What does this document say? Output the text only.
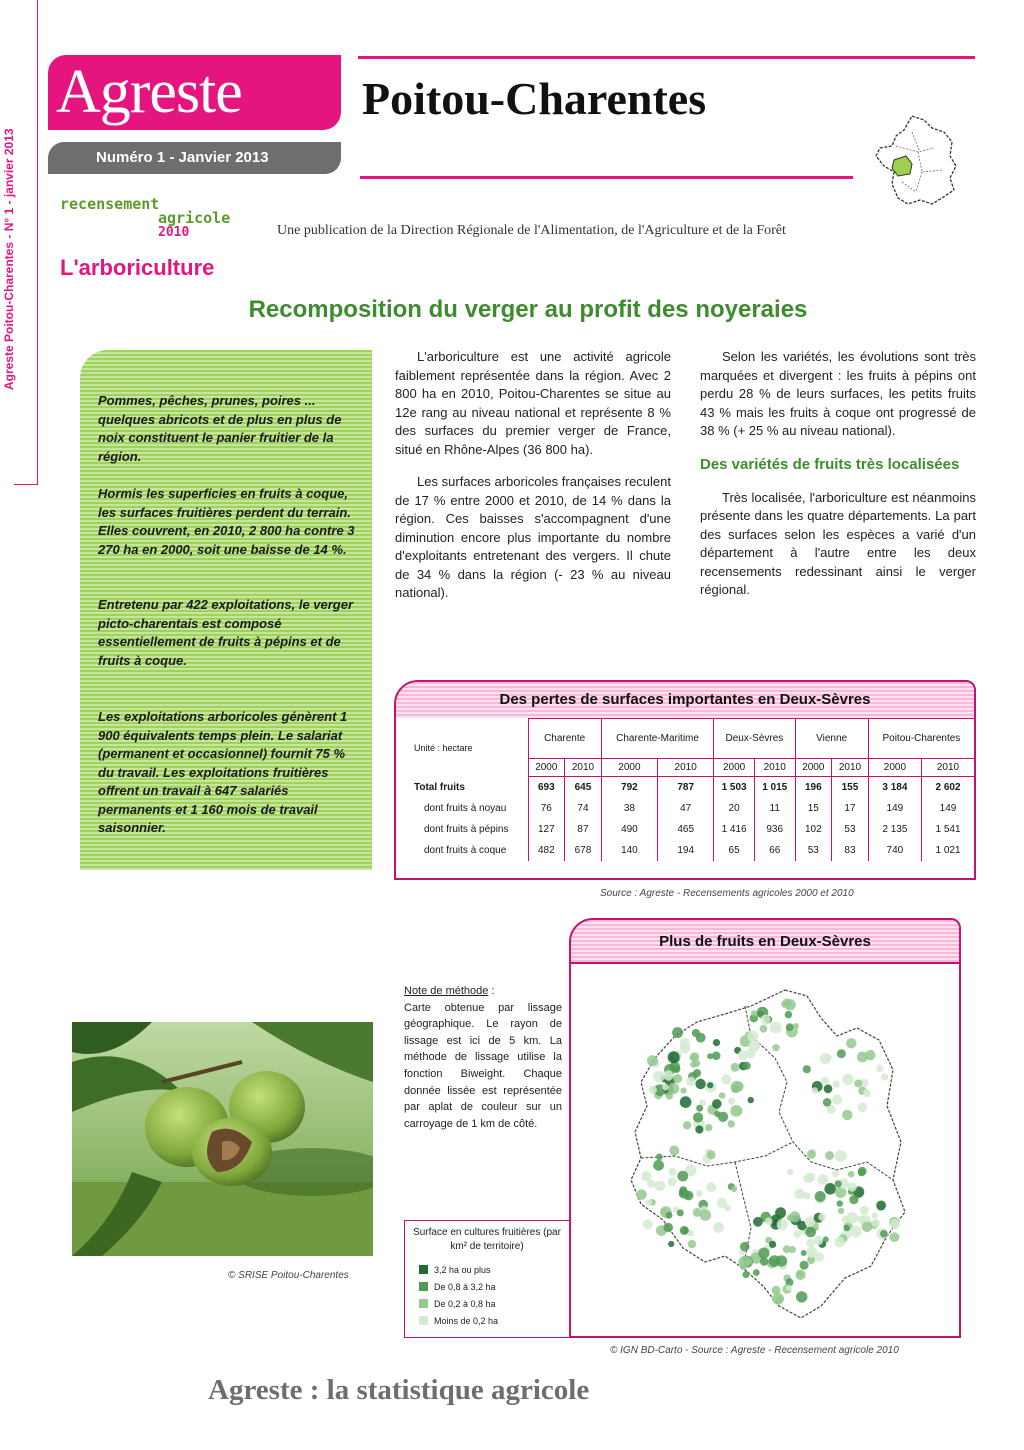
Agreste Poitou-Charentes - N° 1 - janvier 2013
Agreste
Numéro 1 - Janvier 2013
Poitou-Charentes
recensement
agricole
2010	Une publication de la Direction Régionale de l'Alimentation, de l'Agriculture et de la Forêt
L'arboriculture
Recomposition du verger au profit des noyeraies

Pommes, pêches, prunes, poires ... quelques abricots et de plus en plus de noix constituent le panier fruitier de la région.

Hormis les superficies en fruits à coque, les surfaces fruitières perdent du terrain. Elles couvrent, en 2010, 2 800 ha contre 3 270 ha en 2000, soit une baisse de 14 %.

Entretenu par 422 exploitations, le verger picto-charentais est composé essentiellement de fruits à pépins et de fruits à coque.

Les exploitations arboricoles génèrent 1 900 équivalents temps plein. Le salariat (permanent et occasionnel) fournit 75 % du travail. Les exploitations fruitières offrent un travail à 647 salariés permanents et 1 160 mois de travail saisonnier.

L'arboriculture est une activité agricole faiblement représentée dans la région. Avec 2 800 ha en 2010, Poitou-Charentes se situe au 12e rang au niveau national et représente 8 % des surfaces du premier verger de France, situé en Rhône-Alpes (36 800 ha).

Les surfaces arboricoles françaises reculent de 17 % entre 2000 et 2010, de 14 % dans la région. Ces baisses s'accompagnent d'une diminution encore plus importante du nombre d'exploitants entretenant des vergers. Il chute de 34 % dans la région (- 23 % au niveau national).

Selon les variétés, les évolutions sont très marquées et divergent : les fruits à pépins ont perdu 28 % de leurs surfaces, les petits fruits 43 % mais les fruits à coque ont progressé de 38 % (+ 25 % au niveau national).

Des variétés de fruits très localisées

Très localisée, l'arboriculture est néanmoins présente dans les quatre départements. La part des surfaces selon les espèces a varié d'un département à l'autre entre les deux recensements redessinant ainsi le verger régional.

Des pertes de surfaces importantes en Deux-Sèvres
Unité : hectare	Charente		Charente-Maritime		Deux-Sèvres		Vienne		Poitou-Charentes	
	2000	2010	2000	2010	2000	2010	2000	2010	2000	2010
Total fruits	693	645	792	787	1 503	1 015	196	155	3 184	2 602
dont fruits à noyau	76	74	38	47	20	11	15	17	149	149
dont fruits à pépins	127	87	490	465	1 416	936	102	53	2 135	1 541
dont fruits à coque	482	678	140	194	65	66	53	83	740	1 021
Source : Agreste - Recensements agricoles 2000 et 2010
Plus de fruits en Deux-Sèvres
Note de méthode :
Carte obtenue par lissage géographique. Le rayon de lissage est ici de 5 km. La méthode de lissage utilise la fonction Biweight. Chaque donnée lissée est représentée par aplat de couleur sur un carroyage de 1 km de côté.
Surface en cultures fruitières (par km² de territoire)
3,2 ha ou plus
De 0,8 à 3,2 ha
De 0,2 à 0,8 ha
Moins de 0,2 ha
© SRISE Poitou-Charentes
© IGN BD-Carto - Source : Agreste - Recensement agricole 2010
Agreste : la statistique agricole
